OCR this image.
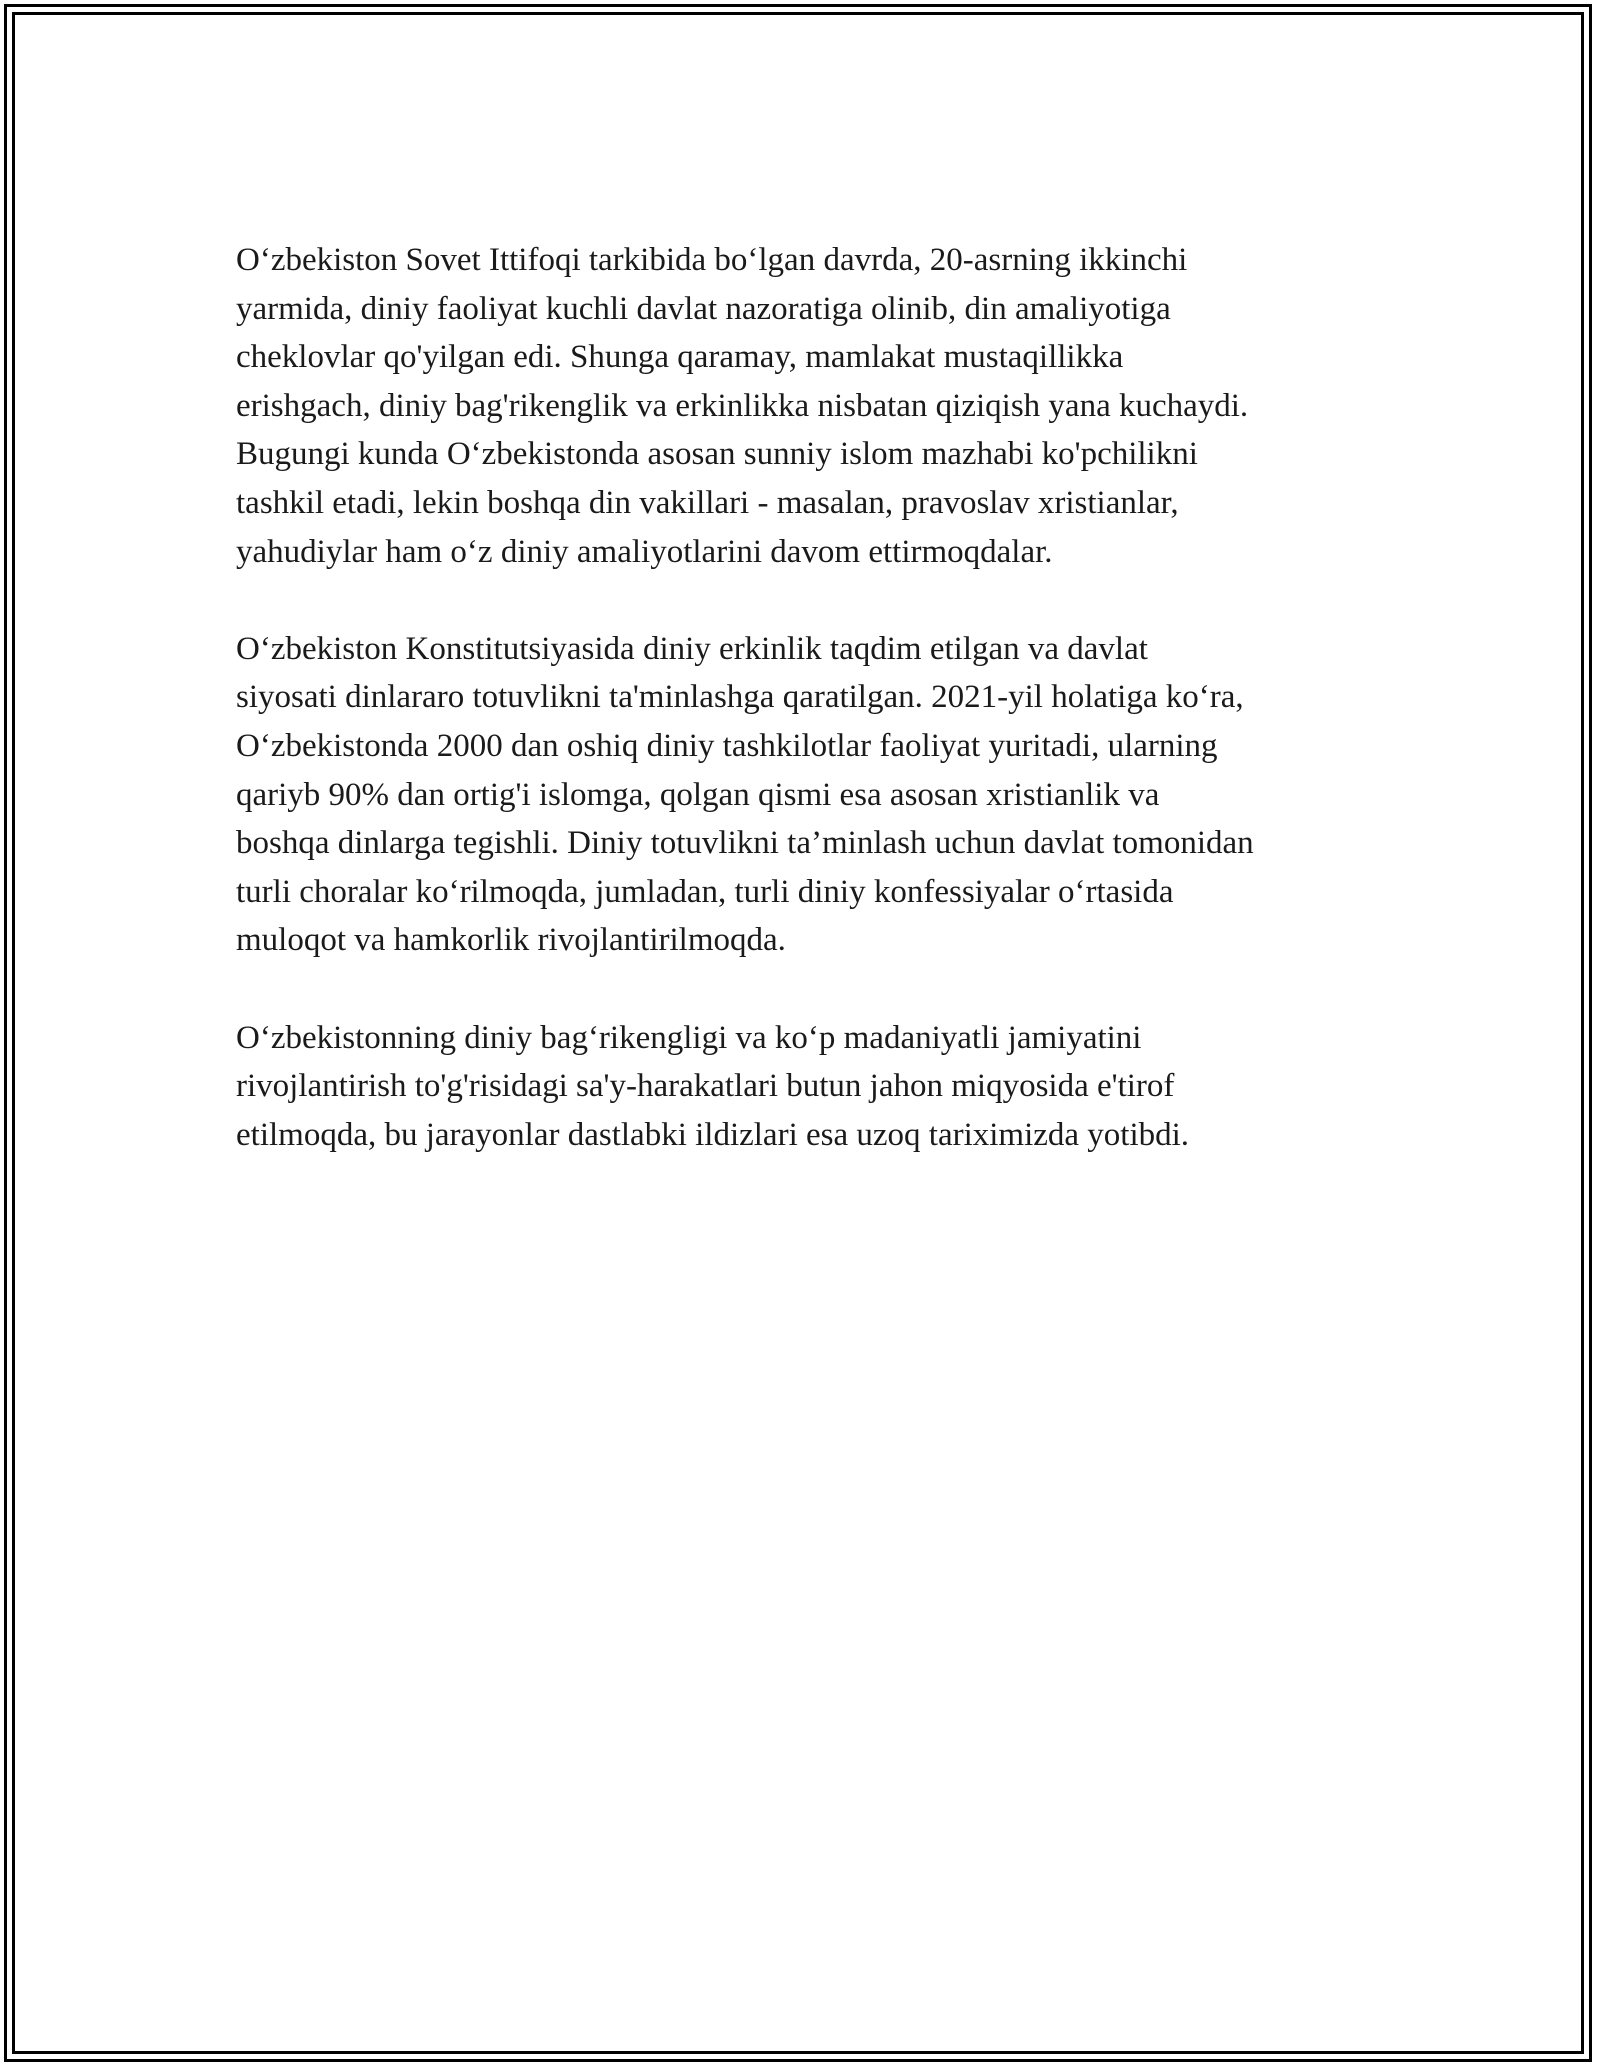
O‘zbekiston Sovet Ittifoqi tarkibida bo‘lgan davrda, 20-asrning ikkinchi
yarmida, diniy faoliyat kuchli davlat nazoratiga olinib, din amaliyotiga
cheklovlar qo'yilgan edi. Shunga qaramay, mamlakat mustaqillikka
erishgach, diniy bag'rikenglik va erkinlikka nisbatan qiziqish yana kuchaydi.
Bugungi kunda O‘zbekistonda asosan sunniy islom mazhabi ko'pchilikni
tashkil etadi, lekin boshqa din vakillari - masalan, pravoslav xristianlar,
yahudiylar ham o‘z diniy amaliyotlarini davom ettirmoqdalar.

O‘zbekiston Konstitutsiyasida diniy erkinlik taqdim etilgan va davlat
siyosati dinlararo totuvlikni ta'minlashga qaratilgan. 2021-yil holatiga ko‘ra,
O‘zbekistonda 2000 dan oshiq diniy tashkilotlar faoliyat yuritadi, ularning
qariyb 90% dan ortig'i islomga, qolgan qismi esa asosan xristianlik va
boshqa dinlarga tegishli. Diniy totuvlikni ta’minlash uchun davlat tomonidan
turli choralar ko‘rilmoqda, jumladan, turli diniy konfessiyalar o‘rtasida
muloqot va hamkorlik rivojlantirilmoqda.

O‘zbekistonning diniy bag‘rikengligi va ko‘p madaniyatli jamiyatini
rivojlantirish to'g'risidagi sa'y-harakatlari butun jahon miqyosida e'tirof
etilmoqda, bu jarayonlar dastlabki ildizlari esa uzoq tariximizda yotibdi.
